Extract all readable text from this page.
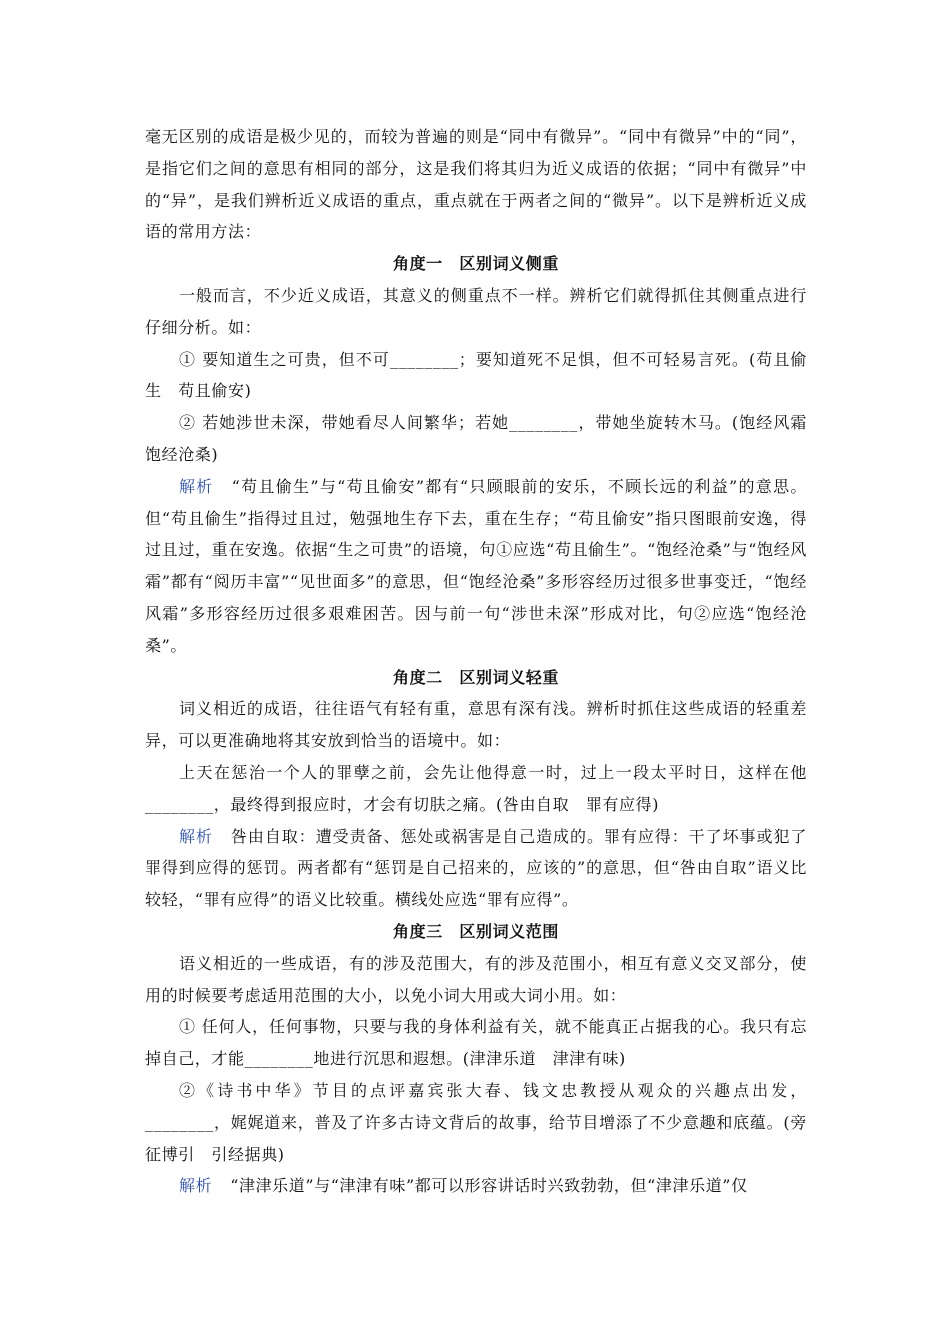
毫无区别的成语是极少见的，而较为普遍的则是“同中有微异”。“同中有微异”中的“同”，是指它们之间的意思有相同的部分，这是我们将其归为近义成语的依据；“同中有微异”中的“异”，是我们辨析近义成语的重点，重点就在于两者之间的“微异”。以下是辨析近义成语的常用方法：

角度一　区别词义侧重

一般而言，不少近义成语，其意义的侧重点不一样。辨析它们就得抓住其侧重点进行仔细分析。如：

① 要知道生之可贵，但不可________；要知道死不足惧，但不可轻易言死。(苟且偷生　苟且偷安)

② 若她涉世未深，带她看尽人间繁华；若她________，带她坐旋转木马。(饱经风霜　饱经沧桑)

解析 “苟且偷生”与“苟且偷安”都有“只顾眼前的安乐，不顾长远的利益”的意思。但“苟且偷生”指得过且过，勉强地生存下去，重在生存；“苟且偷安”指只图眼前安逸，得过且过，重在安逸。依据“生之可贵”的语境，句①应选“苟且偷生”。“饱经沧桑”与“饱经风霜”都有“阅历丰富”“见世面多”的意思，但“饱经沧桑”多形容经历过很多世事变迁，“饱经风霜”多形容经历过很多艰难困苦。因与前一句“涉世未深”形成对比，句②应选“饱经沧桑”。

角度二　区别词义轻重

词义相近的成语，往往语气有轻有重，意思有深有浅。辨析时抓住这些成语的轻重差异，可以更准确地将其安放到恰当的语境中。如：

上天在惩治一个人的罪孽之前，会先让他得意一时，过上一段太平时日，这样在他________，最终得到报应时，才会有切肤之痛。(咎由自取　罪有应得)

解析 咎由自取：遭受责备、惩处或祸害是自己造成的。罪有应得：干了坏事或犯了罪得到应得的惩罚。两者都有“惩罚是自己招来的，应该的”的意思，但“咎由自取”语义比较轻，“罪有应得”的语义比较重。横线处应选“罪有应得”。

角度三　区别词义范围

语义相近的一些成语，有的涉及范围大，有的涉及范围小，相互有意义交叉部分，使用的时候要考虑适用范围的大小，以免小词大用或大词小用。如：

① 任何人，任何事物，只要与我的身体利益有关，就不能真正占据我的心。我只有忘掉自己，才能________地进行沉思和遐想。(津津乐道　津津有味)

②《诗书中华》节目的点评嘉宾张大春、钱文忠教授从观众的兴趣点出发，________，娓娓道来，普及了许多古诗文背后的故事，给节目增添了不少意趣和底蕴。(旁征博引　引经据典)

解析 “津津乐道”与“津津有味”都可以形容讲话时兴致勃勃，但“津津乐道”仅
